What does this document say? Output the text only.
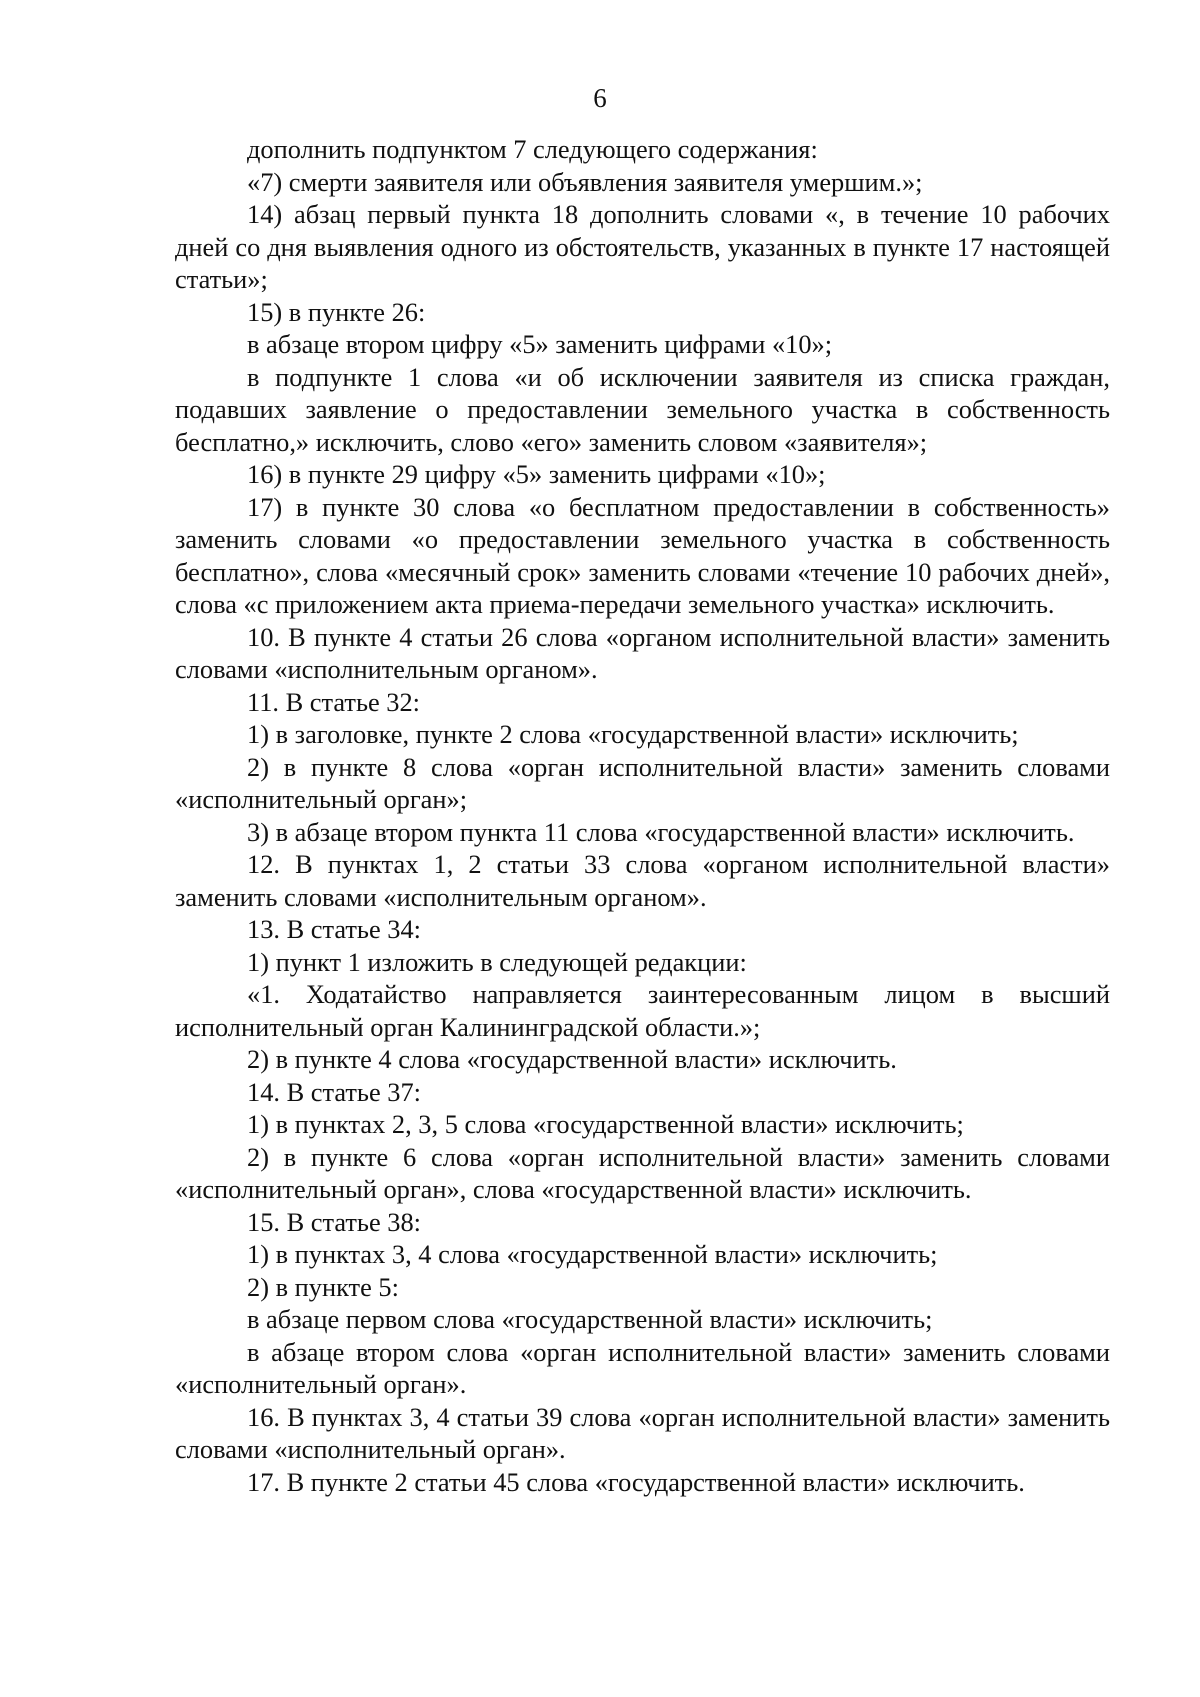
6

дополнить подпунктом 7 следующего содержания:

«7) смерти заявителя или объявления заявителя умершим.»;

14) абзац первый пункта 18 дополнить словами «, в течение 10 рабочих дней со дня выявления одного из обстоятельств, указанных в пункте 17 настоящей статьи»;

15) в пункте 26:

в абзаце втором цифру «5» заменить цифрами «10»;

в подпункте 1 слова «и об исключении заявителя из списка граждан, подавших заявление о предоставлении земельного участка в собственность бесплатно,» исключить, слово «его» заменить словом «заявителя»;

16) в пункте 29 цифру «5» заменить цифрами «10»;

17) в пункте 30 слова «о бесплатном предоставлении в собственность» заменить словами «о предоставлении земельного участка в собственность бесплатно», слова «месячный срок» заменить словами «течение 10 рабочих дней», слова «с приложением акта приема-передачи земельного участка» исключить.

10. В пункте 4 статьи 26 слова «органом исполнительной власти» заменить словами «исполнительным органом».

11. В статье 32:

1) в заголовке, пункте 2 слова «государственной власти» исключить;

2) в пункте 8 слова «орган исполнительной власти» заменить словами «исполнительный орган»;

3) в абзаце втором пункта 11 слова «государственной власти» исключить.

12. В пунктах 1, 2 статьи 33 слова «органом исполнительной власти» заменить словами «исполнительным органом».

13. В статье 34:

1) пункт 1 изложить в следующей редакции:

«1. Ходатайство направляется заинтересованным лицом в высший исполнительный орган Калининградской области.»;

2) в пункте 4 слова «государственной власти» исключить.

14. В статье 37:

1) в пунктах 2, 3, 5 слова «государственной власти» исключить;

2) в пункте 6 слова «орган исполнительной власти» заменить словами «исполнительный орган», слова «государственной власти» исключить.

15. В статье 38:

1) в пунктах 3, 4 слова «государственной власти» исключить;

2) в пункте 5:

в абзаце первом слова «государственной власти» исключить;

в абзаце втором слова «орган исполнительной власти» заменить словами «исполнительный орган».

16. В пунктах 3, 4 статьи 39 слова «орган исполнительной власти» заменить словами «исполнительный орган».

17. В пункте 2 статьи 45 слова «государственной власти» исключить.
